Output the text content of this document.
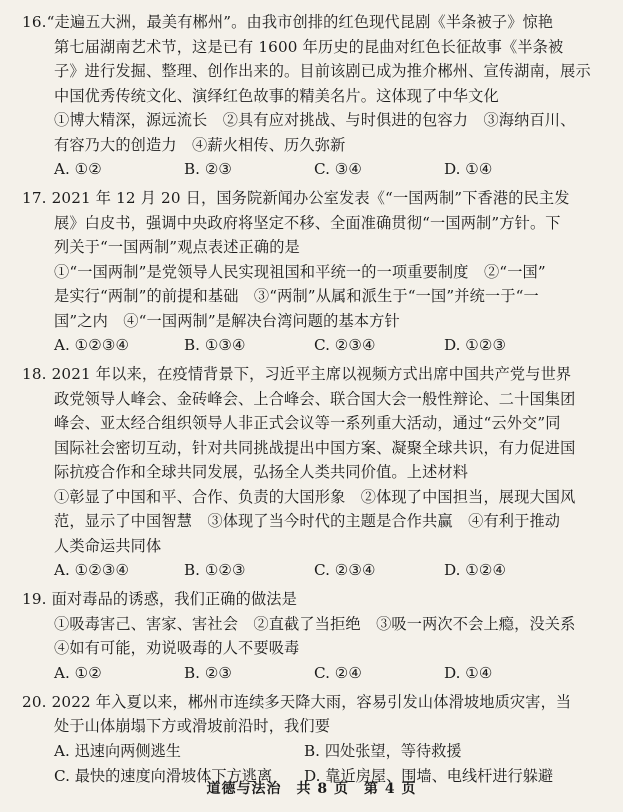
16.“走遍五大洲，最美有郴州”。由我市创排的红色现代昆剧《半条被子》惊艳
第七届湖南艺术节，这是已有 1600 年历史的昆曲对红色长征故事《半条被
子》进行发掘、整理、创作出来的。目前该剧已成为推介郴州、宣传湖南，展示
中国优秀传统文化、演绎红色故事的精美名片。这体现了中华文化
①博大精深，源远流长　②具有应对挑战、与时俱进的包容力　③海纳百川、
有容乃大的创造力　④薪火相传、历久弥新
A. ①②	B. ②③	C. ③④	D. ①④
17. 2021 年 12 月 20 日，国务院新闻办公室发表《“一国两制”下香港的民主发
展》白皮书，强调中央政府将坚定不移、全面准确贯彻“一国两制”方针。下
列关于“一国两制”观点表述正确的是
①“一国两制”是党领导人民实现祖国和平统一的一项重要制度　②“一国”
是实行“两制”的前提和基础　③“两制”从属和派生于“一国”并统一于“一
国”之内　④“一国两制”是解决台湾问题的基本方针
A. ①②③④	B. ①③④	C. ②③④	D. ①②③
18. 2021 年以来，在疫情背景下，习近平主席以视频方式出席中国共产党与世界
政党领导人峰会、金砖峰会、上合峰会、联合国大会一般性辩论、二十国集团
峰会、亚太经合组织领导人非正式会议等一系列重大活动，通过“云外交”同
国际社会密切互动，针对共同挑战提出中国方案、凝聚全球共识，有力促进国
际抗疫合作和全球共同发展，弘扬全人类共同价值。上述材料
①彰显了中国和平、合作、负责的大国形象　②体现了中国担当，展现大国风
范，显示了中国智慧　③体现了当今时代的主题是合作共赢　④有利于推动
人类命运共同体
A. ①②③④	B. ①②③	C. ②③④	D. ①②④
19. 面对毒品的诱惑，我们正确的做法是
①吸毒害己、害家、害社会　②直截了当拒绝　③吸一两次不会上瘾，没关系
④如有可能，劝说吸毒的人不要吸毒
A. ①②	B. ②③	C. ②④	D. ①④
20. 2022 年入夏以来，郴州市连续多天降大雨，容易引发山体滑坡地质灾害，当
处于山体崩塌下方或滑坡前沿时，我们要
A. 迅速向两侧逃生	B. 四处张望，等待救援
C. 最快的速度向滑坡体下方逃离	D. 靠近房屋、围墙、电线杆进行躲避
道德与法治　共 8 页　第 4 页
